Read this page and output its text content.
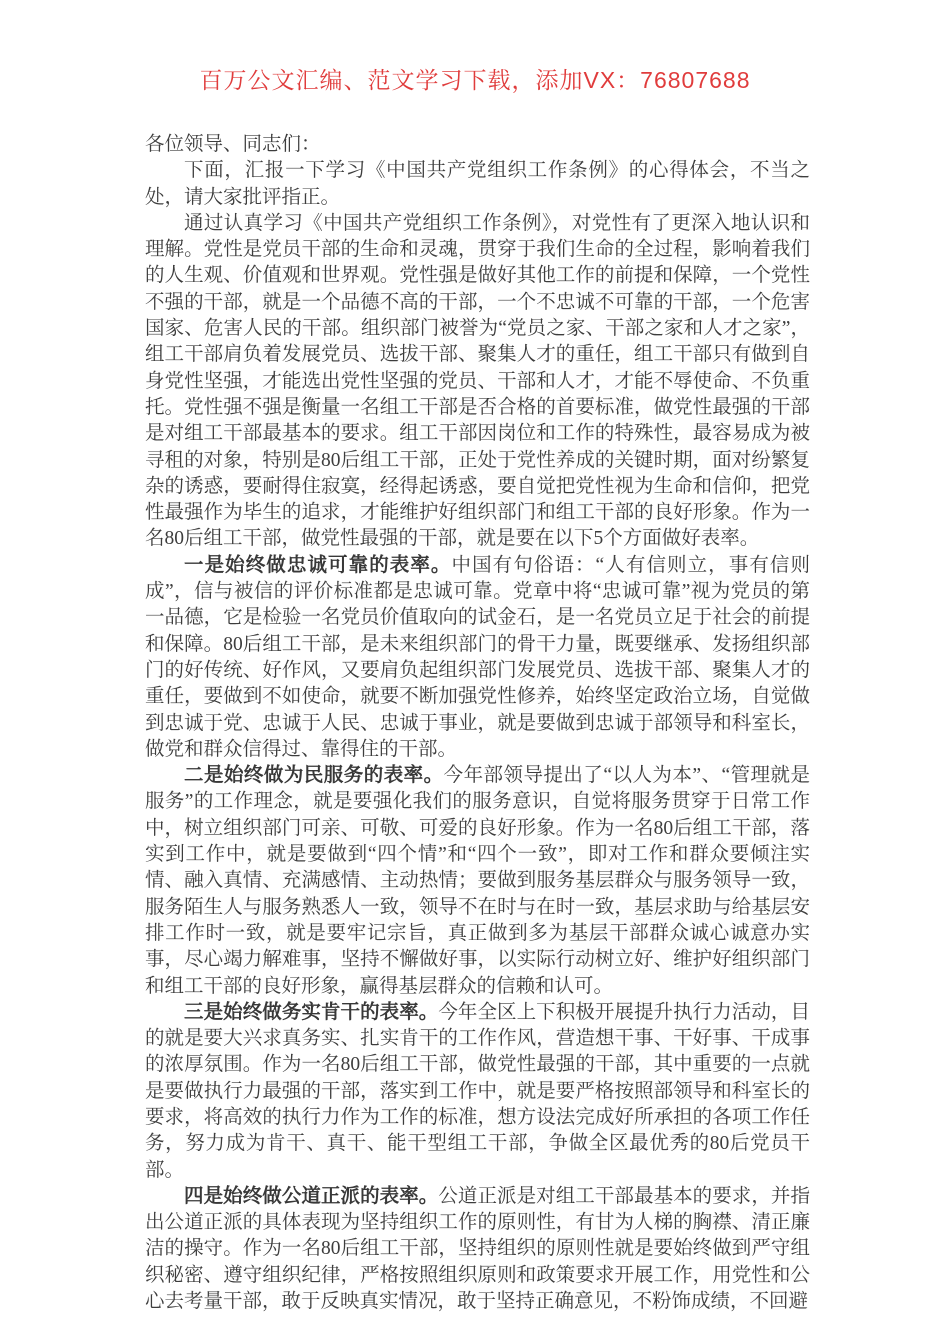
百万公文汇编、范文学习下载，添加VX：76807688

各位领导、同志们：

下面，汇报一下学习《中国共产党组织工作条例》的心得体会，不当之处，请大家批评指正。

通过认真学习《中国共产党组织工作条例》，对党性有了更深入地认识和理解。党性是党员干部的生命和灵魂，贯穿于我们生命的全过程，影响着我们的人生观、价值观和世界观。党性强是做好其他工作的前提和保障，一个党性不强的干部，就是一个品德不高的干部，一个不忠诚不可靠的干部，一个危害国家、危害人民的干部。组织部门被誉为“党员之家、干部之家和人才之家”，组工干部肩负着发展党员、选拔干部、聚集人才的重任，组工干部只有做到自身党性坚强，才能选出党性坚强的党员、干部和人才，才能不辱使命、不负重托。党性强不强是衡量一名组工干部是否合格的首要标准，做党性最强的干部是对组工干部最基本的要求。组工干部因岗位和工作的特殊性，最容易成为被寻租的对象，特别是80后组工干部，正处于党性养成的关键时期，面对纷繁复杂的诱惑，要耐得住寂寞，经得起诱惑，要自觉把党性视为生命和信仰，把党性最强作为毕生的追求，才能维护好组织部门和组工干部的良好形象。作为一名80后组工干部，做党性最强的干部，就是要在以下5个方面做好表率。

一是始终做忠诚可靠的表率。中国有句俗语：“人有信则立，事有信则成”，信与被信的评价标准都是忠诚可靠。党章中将“忠诚可靠”视为党员的第一品德，它是检验一名党员价值取向的试金石，是一名党员立足于社会的前提和保障。80后组工干部，是未来组织部门的骨干力量，既要继承、发扬组织部门的好传统、好作风，又要肩负起组织部门发展党员、选拔干部、聚集人才的重任，要做到不如使命，就要不断加强党性修养，始终坚定政治立场，自觉做到忠诚于党、忠诚于人民、忠诚于事业，就是要做到忠诚于部领导和科室长，做党和群众信得过、靠得住的干部。

二是始终做为民服务的表率。今年部领导提出了“以人为本”、“管理就是服务”的工作理念，就是要强化我们的服务意识，自觉将服务贯穿于日常工作中，树立组织部门可亲、可敬、可爱的良好形象。作为一名80后组工干部，落实到工作中，就是要做到“四个情”和“四个一致”，即对工作和群众要倾注实情、融入真情、充满感情、主动热情；要做到服务基层群众与服务领导一致，服务陌生人与服务熟悉人一致，领导不在时与在时一致，基层求助与给基层安排工作时一致，就是要牢记宗旨，真正做到多为基层干部群众诚心诚意办实事，尽心竭力解难事，坚持不懈做好事，以实际行动树立好、维护好组织部门和组工干部的良好形象，赢得基层群众的信赖和认可。

三是始终做务实肯干的表率。今年全区上下积极开展提升执行力活动，目的就是要大兴求真务实、扎实肯干的工作作风，营造想干事、干好事、干成事的浓厚氛围。作为一名80后组工干部，做党性最强的干部，其中重要的一点就是要做执行力最强的干部，落实到工作中，就是要严格按照部领导和科室长的要求，将高效的执行力作为工作的标准，想方设法完成好所承担的各项工作任务，努力成为肯干、真干、能干型组工干部，争做全区最优秀的80后党员干部。

四是始终做公道正派的表率。公道正派是对组工干部最基本的要求，并指出公道正派的具体表现为坚持组织工作的原则性，有甘为人梯的胸襟、清正廉洁的操守。作为一名80后组工干部，坚持组织的原则性就是要始终做到严守组织秘密、遵守组织纪律，严格按照组织原则和政策要求开展工作，用党性和公心去考量干部，敢于反映真实情况，敢于坚持正确意见，不粉饰成绩，不回避
